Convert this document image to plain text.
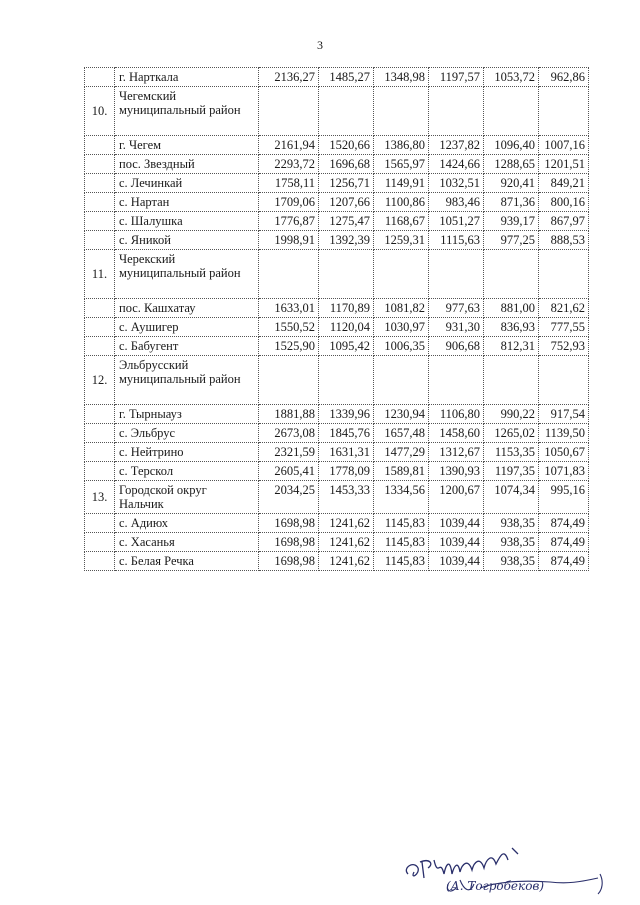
3
	г. Нарткала	2136,27	1485,27	1348,98	1197,57	1053,72	962,86
10.	Чегемский муниципальный район						
	г. Чегем	2161,94	1520,66	1386,80	1237,82	1096,40	1007,16
	пос. Звездный	2293,72	1696,68	1565,97	1424,66	1288,65	1201,51
	с. Лечинкай	1758,11	1256,71	1149,91	1032,51	920,41	849,21
	с. Нартан	1709,06	1207,66	1100,86	983,46	871,36	800,16
	с. Шалушка	1776,87	1275,47	1168,67	1051,27	939,17	867,97
	с. Яникой	1998,91	1392,39	1259,31	1115,63	977,25	888,53
11.	Черекский муниципальный район						
	пос. Кашхатау	1633,01	1170,89	1081,82	977,63	881,00	821,62
	с. Аушигер	1550,52	1120,04	1030,97	931,30	836,93	777,55
	с. Бабугент	1525,90	1095,42	1006,35	906,68	812,31	752,93
12.	Эльбрусский муниципальный район						
	г. Тырныауз	1881,88	1339,96	1230,94	1106,80	990,22	917,54
	с. Эльбрус	2673,08	1845,76	1657,48	1458,60	1265,02	1139,50
	с. Нейтрино	2321,59	1631,31	1477,29	1312,67	1153,35	1050,67
	с. Терскол	2605,41	1778,09	1589,81	1390,93	1197,35	1071,83
13.	Городской округ Нальчик	2034,25	1453,33	1334,56	1200,67	1074,34	995,16
	с. Адиюх	1698,98	1241,62	1145,83	1039,44	938,35	874,49
	с. Хасанья	1698,98	1241,62	1145,83	1039,44	938,35	874,49
	с. Белая Речка	1698,98	1241,62	1145,83	1039,44	938,35	874,49
(А. Тогробеков)
